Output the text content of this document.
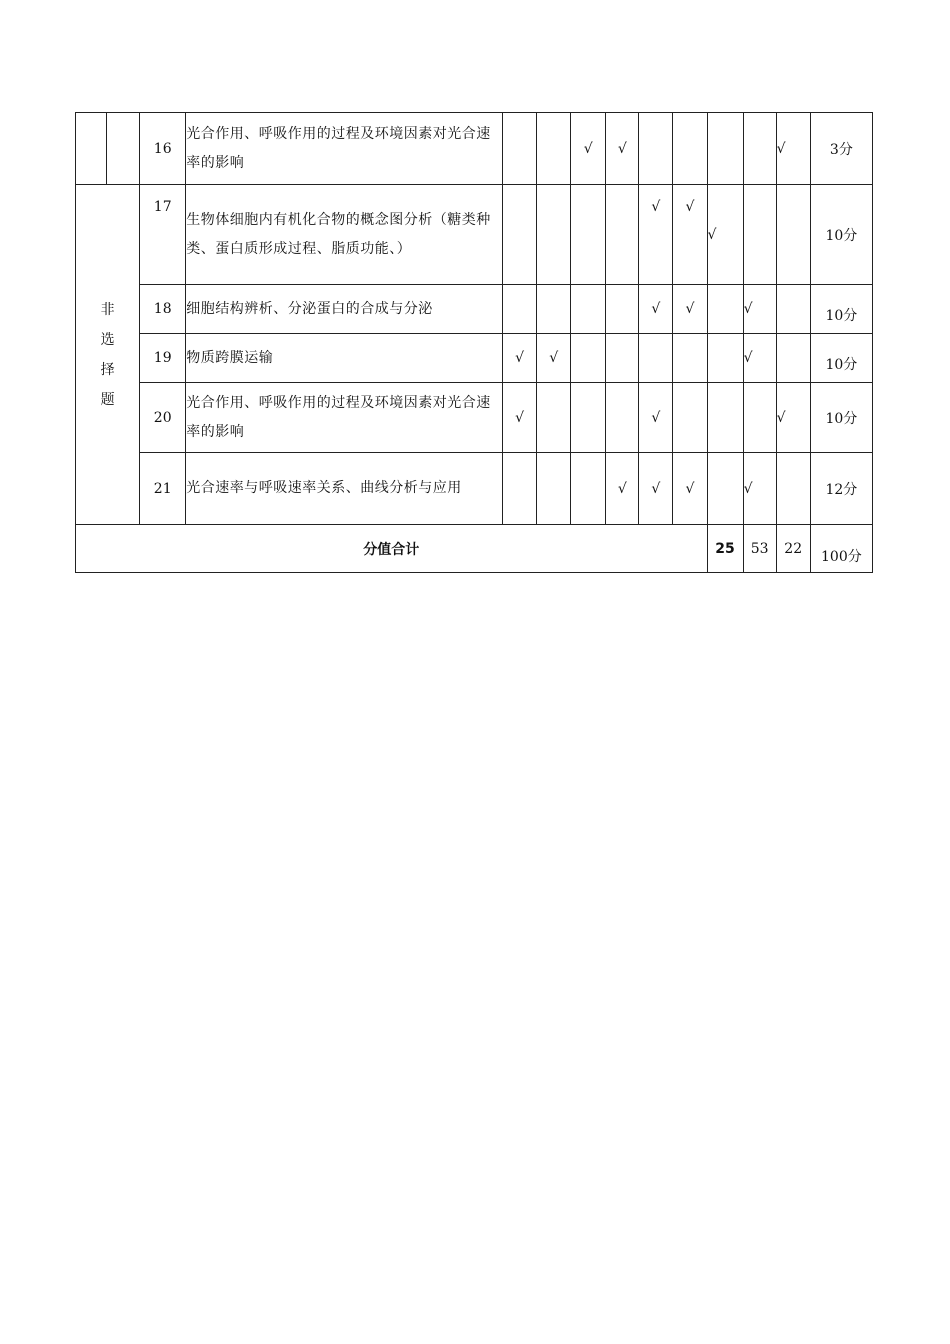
		16	光合作用、呼吸作用的过程及环境因素对光合速率的影响			√	√					√	3分

非
选
择
题		17	生物体细胞内有机化合物的概念图分析（糖类种类、蛋白质形成过程、脂质功能、）					√	√	√			10分
		18	细胞结构辨析、分泌蛋白的合成与分泌					√	√		√		10分
		19	物质跨膜运输	√	√						√		10分
		20	光合作用、呼吸作用的过程及环境因素对光合速率的影响	√				√				√	10分
		21	光合速率与呼吸速率关系、曲线分析与应用				√	√	√		√		12分
分值合计										25	53	22	100分
